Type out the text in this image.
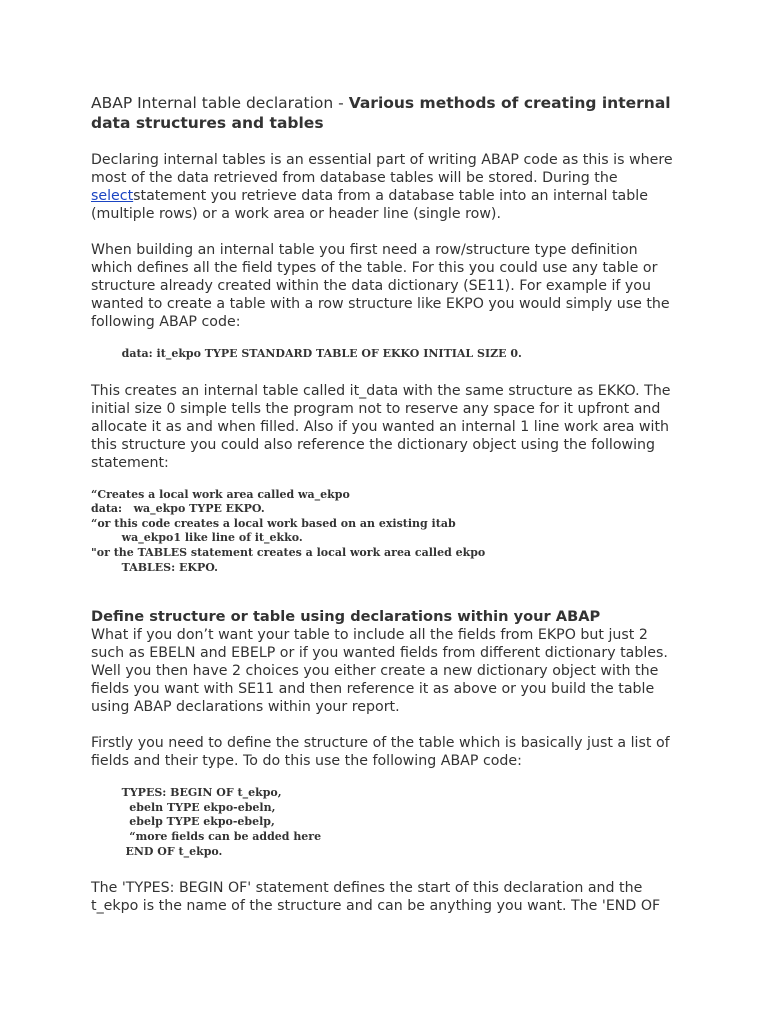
ABAP Internal table declaration - Various methods of creating internal data structures and tables

Declaring internal tables is an essential part of writing ABAP code as this is where most of the data retrieved from database tables will be stored. During the selectstatement you retrieve data from a database table into an internal table (multiple rows) or a work area or header line (single row).

When building an internal table you first need a row/structure type definition which defines all the field types of the table. For this you could use any table or structure already created within the data dictionary (SE11). For example if you wanted to create a table with a row structure like EKPO you would simply use the following ABAP code:

data: it_ekpo TYPE STANDARD TABLE OF EKKO INITIAL SIZE 0.

This creates an internal table called it_data with the same structure as EKKO. The initial size 0 simple tells the program not to reserve any space for it upfront and allocate it as and when filled. Also if you wanted an internal 1 line work area with this structure you could also reference the dictionary object using the following statement:

“Creates a local work area called wa_ekpo
data:   wa_ekpo TYPE EKPO.
“or this code creates a local work based on an existing itab
wa_ekpo1 like line of it_ekko.
"or the TABLES statement creates a local work area called ekpo
TABLES: EKPO.
Define structure or table using declarations within your ABAP

What if you don’t want your table to include all the fields from EKPO but just 2 such as EBELN and EBELP or if you wanted fields from different dictionary tables. Well you then have 2 choices you either create a new dictionary object with the fields you want with SE11 and then reference it as above or you build the table using ABAP declarations within your report.

Firstly you need to define the structure of the table which is basically just a list of fields and their type. To do this use the following ABAP code:

TYPES: BEGIN OF t_ekpo,
ebeln TYPE ekpo-ebeln,
ebelp TYPE ekpo-ebelp,
“more fields can be added here
END OF t_ekpo.

The 'TYPES: BEGIN OF' statement defines the start of this declaration and the t_ekpo is the name of the structure and can be anything you want. The 'END OF
